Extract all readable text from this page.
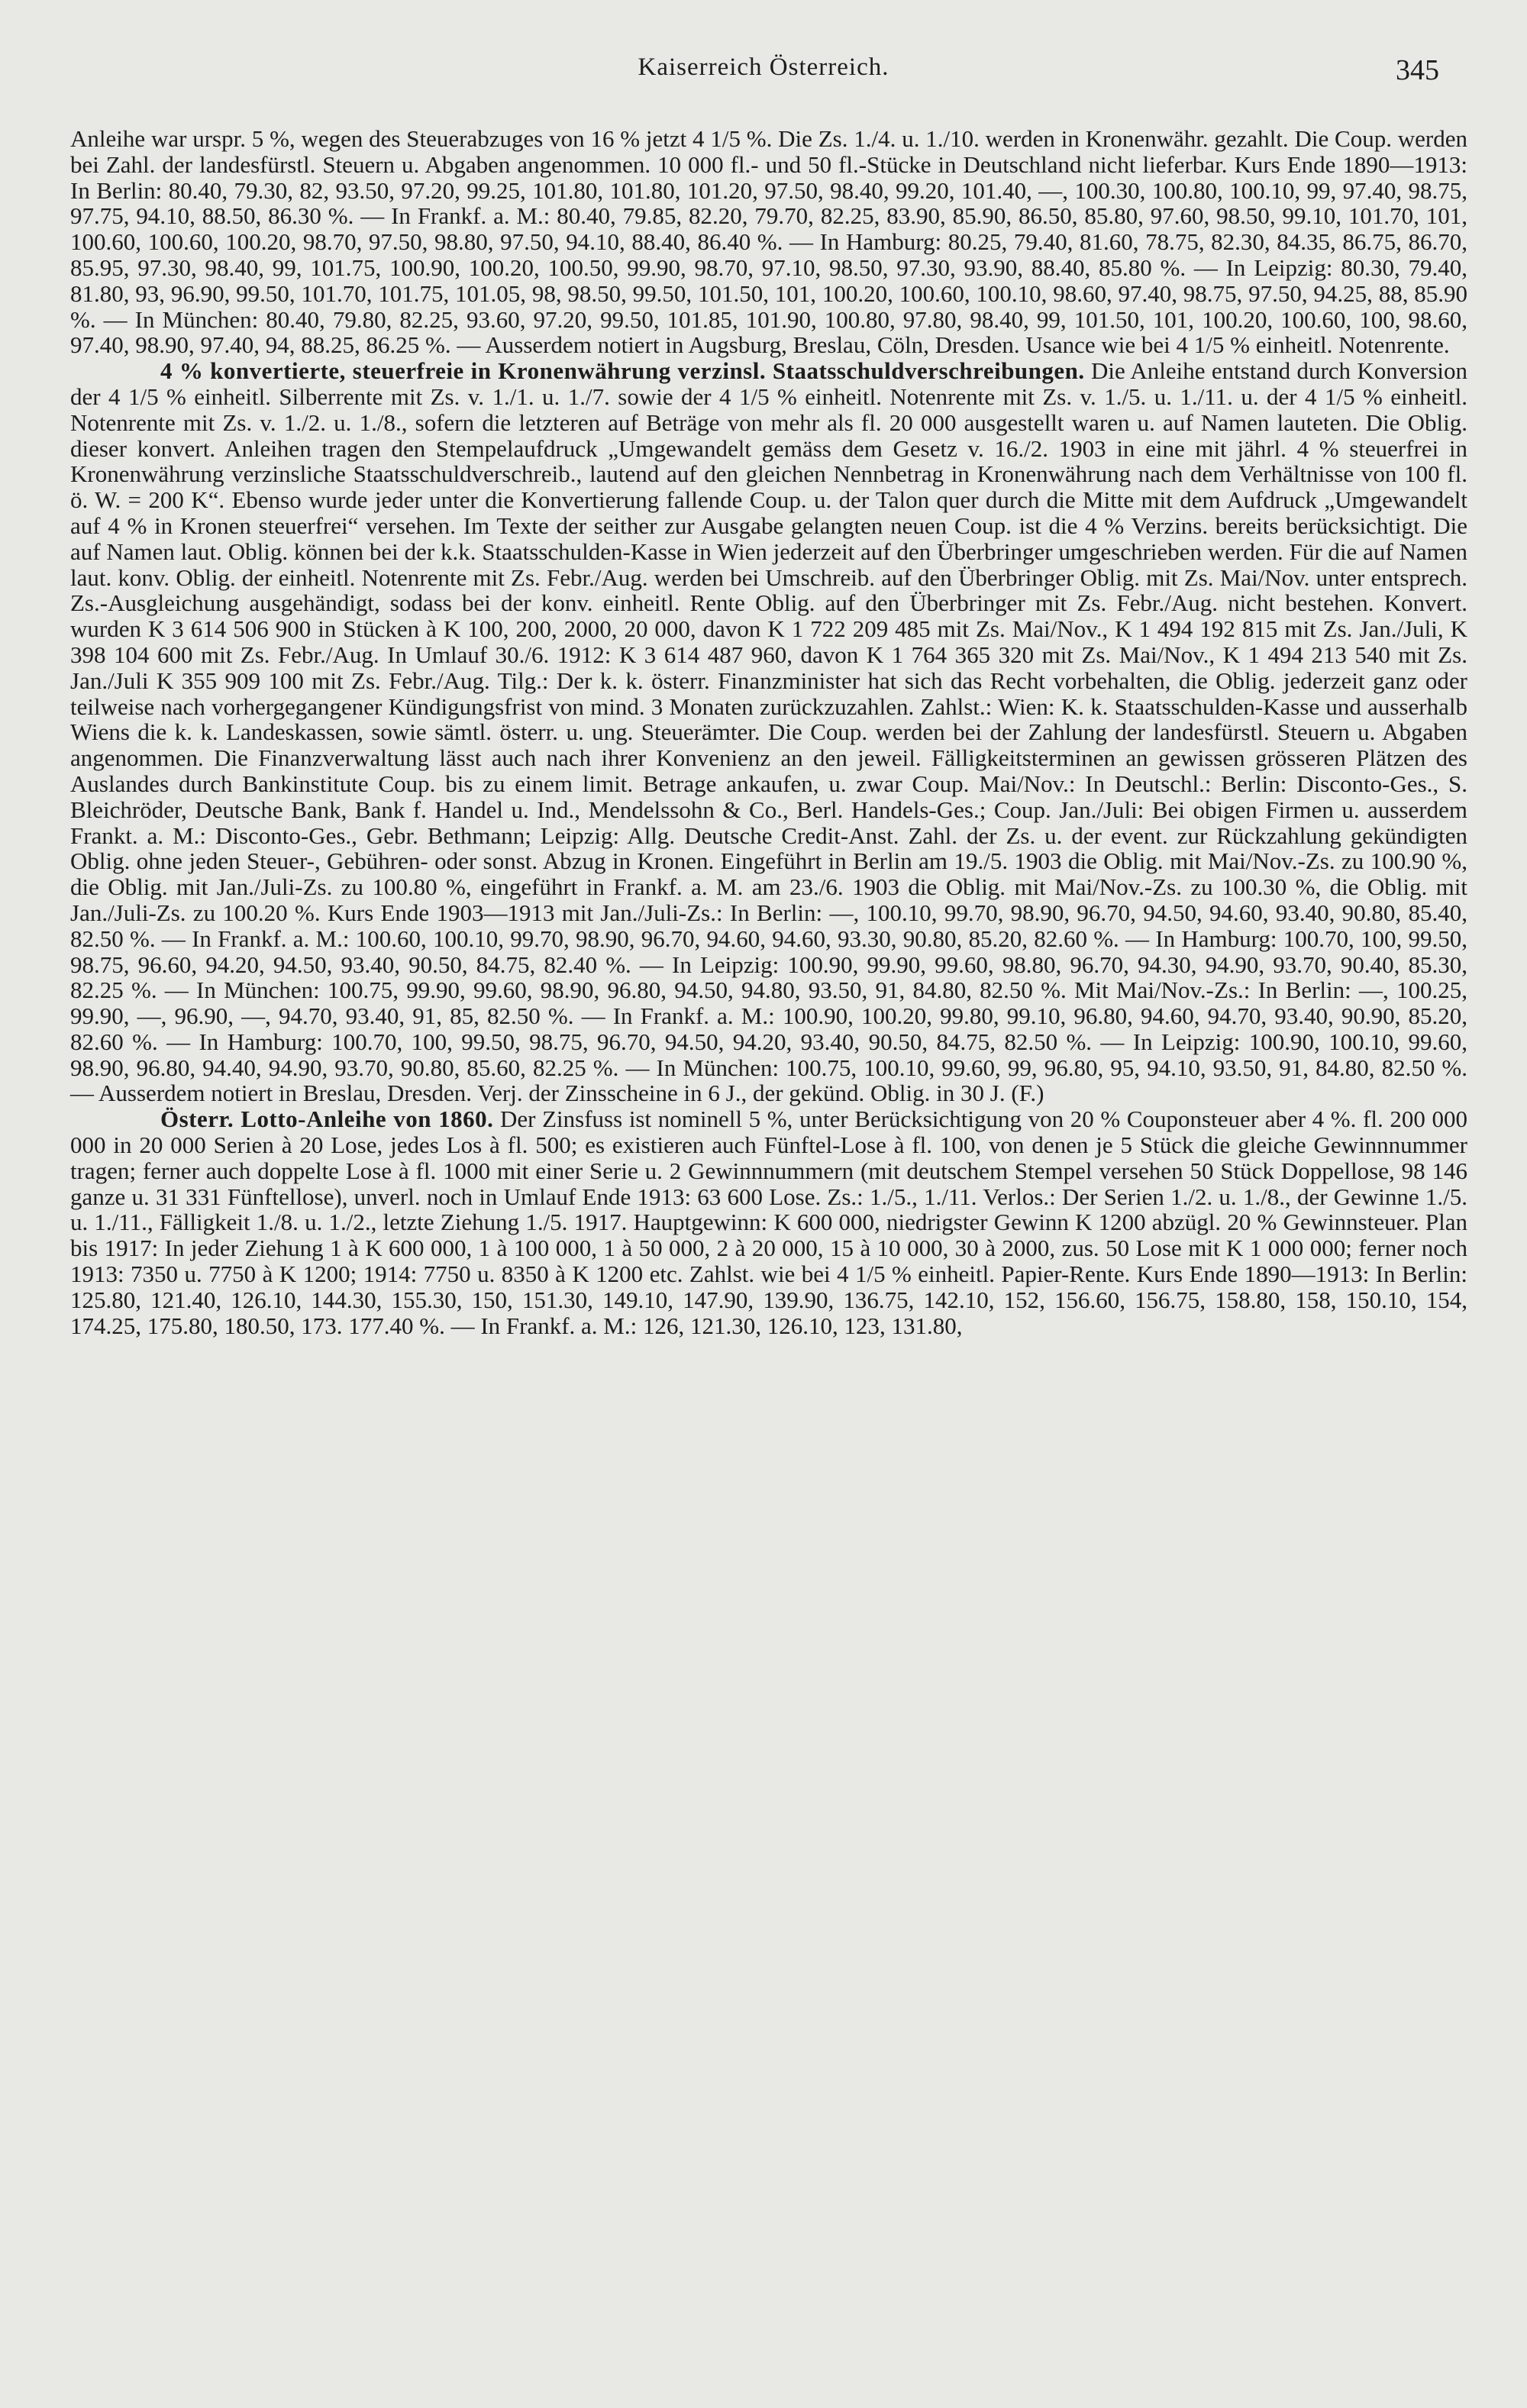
Kaiserreich Österreich.	345

Anleihe war urspr. 5 %, wegen des Steuerabzuges von 16 % jetzt 4 1/5 %. Die Zs. 1./4. u. 1./10. werden in Kronenwähr. gezahlt. Die Coup. werden bei Zahl. der landesfürstl. Steuern u. Abgaben angenommen. 10 000 fl.- und 50 fl.-Stücke in Deutschland nicht lieferbar. Kurs Ende 1890—1913: In Berlin: 80.40, 79.30, 82, 93.50, 97.20, 99.25, 101.80, 101.80, 101.20, 97.50, 98.40, 99.20, 101.40, —, 100.30, 100.80, 100.10, 99, 97.40, 98.75, 97.75, 94.10, 88.50, 86.30 %. — In Frankf. a. M.: 80.40, 79.85, 82.20, 79.70, 82.25, 83.90, 85.90, 86.50, 85.80, 97.60, 98.50, 99.10, 101.70, 101, 100.60, 100.60, 100.20, 98.70, 97.50, 98.80, 97.50, 94.10, 88.40, 86.40 %. — In Hamburg: 80.25, 79.40, 81.60, 78.75, 82.30, 84.35, 86.75, 86.70, 85.95, 97.30, 98.40, 99, 101.75, 100.90, 100.20, 100.50, 99.90, 98.70, 97.10, 98.50, 97.30, 93.90, 88.40, 85.80 %. — In Leipzig: 80.30, 79.40, 81.80, 93, 96.90, 99.50, 101.70, 101.75, 101.05, 98, 98.50, 99.50, 101.50, 101, 100.20, 100.60, 100.10, 98.60, 97.40, 98.75, 97.50, 94.25, 88, 85.90 %. — In München: 80.40, 79.80, 82.25, 93.60, 97.20, 99.50, 101.85, 101.90, 100.80, 97.80, 98.40, 99, 101.50, 101, 100.20, 100.60, 100, 98.60, 97.40, 98.90, 97.40, 94, 88.25, 86.25 %. — Ausserdem notiert in Augsburg, Breslau, Cöln, Dresden. Usance wie bei 4 1/5 % einheitl. Notenrente.

4 % konvertierte, steuerfreie in Kronenwährung verzinsl. Staatsschuldverschreibungen. Die Anleihe entstand durch Konversion der 4 1/5 % einheitl. Silberrente mit Zs. v. 1./1. u. 1./7. sowie der 4 1/5 % einheitl. Notenrente mit Zs. v. 1./5. u. 1./11. u. der 4 1/5 % einheitl. Notenrente mit Zs. v. 1./2. u. 1./8., sofern die letzteren auf Beträge von mehr als fl. 20 000 ausgestellt waren u. auf Namen lauteten. Die Oblig. dieser konvert. Anleihen tragen den Stempelaufdruck „Umgewandelt gemäss dem Gesetz v. 16./2. 1903 in eine mit jährl. 4 % steuerfrei in Kronenwährung verzinsliche Staatsschuldverschreib., lautend auf den gleichen Nennbetrag in Kronenwährung nach dem Verhältnisse von 100 fl. ö. W. = 200 K“. Ebenso wurde jeder unter die Konvertierung fallende Coup. u. der Talon quer durch die Mitte mit dem Aufdruck „Umgewandelt auf 4 % in Kronen steuerfrei“ versehen. Im Texte der seither zur Ausgabe gelangten neuen Coup. ist die 4 % Verzins. bereits berücksichtigt. Die auf Namen laut. Oblig. können bei der k.k. Staatsschulden-Kasse in Wien jederzeit auf den Überbringer umgeschrieben werden. Für die auf Namen laut. konv. Oblig. der einheitl. Notenrente mit Zs. Febr./Aug. werden bei Umschreib. auf den Überbringer Oblig. mit Zs. Mai/Nov. unter entsprech. Zs.-Ausgleichung ausgehändigt, sodass bei der konv. einheitl. Rente Oblig. auf den Überbringer mit Zs. Febr./Aug. nicht bestehen. Konvert. wurden K 3 614 506 900 in Stücken à K 100, 200, 2000, 20 000, davon K 1 722 209 485 mit Zs. Mai/Nov., K 1 494 192 815 mit Zs. Jan./Juli, K 398 104 600 mit Zs. Febr./Aug. In Umlauf 30./6. 1912: K 3 614 487 960, davon K 1 764 365 320 mit Zs. Mai/Nov., K 1 494 213 540 mit Zs. Jan./Juli K 355 909 100 mit Zs. Febr./Aug. Tilg.: Der k. k. österr. Finanzminister hat sich das Recht vorbehalten, die Oblig. jederzeit ganz oder teilweise nach vorhergegangener Kündigungsfrist von mind. 3 Monaten zurückzuzahlen. Zahlst.: Wien: K. k. Staatsschulden-Kasse und ausserhalb Wiens die k. k. Landeskassen, sowie sämtl. österr. u. ung. Steuerämter. Die Coup. werden bei der Zahlung der landesfürstl. Steuern u. Abgaben angenommen. Die Finanzverwaltung lässt auch nach ihrer Konvenienz an den jeweil. Fälligkeitsterminen an gewissen grösseren Plätzen des Auslandes durch Bankinstitute Coup. bis zu einem limit. Betrage ankaufen, u. zwar Coup. Mai/Nov.: In Deutschl.: Berlin: Disconto-Ges., S. Bleichröder, Deutsche Bank, Bank f. Handel u. Ind., Mendelssohn & Co., Berl. Handels-Ges.; Coup. Jan./Juli: Bei obigen Firmen u. ausserdem Frankt. a. M.: Disconto-Ges., Gebr. Bethmann; Leipzig: Allg. Deutsche Credit-Anst. Zahl. der Zs. u. der event. zur Rückzahlung gekündigten Oblig. ohne jeden Steuer-, Gebühren- oder sonst. Abzug in Kronen. Eingeführt in Berlin am 19./5. 1903 die Oblig. mit Mai/Nov.-Zs. zu 100.90 %, die Oblig. mit Jan./Juli-Zs. zu 100.80 %, eingeführt in Frankf. a. M. am 23./6. 1903 die Oblig. mit Mai/Nov.-Zs. zu 100.30 %, die Oblig. mit Jan./Juli-Zs. zu 100.20 %. Kurs Ende 1903—1913 mit Jan./Juli-Zs.: In Berlin: —, 100.10, 99.70, 98.90, 96.70, 94.50, 94.60, 93.40, 90.80, 85.40, 82.50 %. — In Frankf. a. M.: 100.60, 100.10, 99.70, 98.90, 96.70, 94.60, 94.60, 93.30, 90.80, 85.20, 82.60 %. — In Hamburg: 100.70, 100, 99.50, 98.75, 96.60, 94.20, 94.50, 93.40, 90.50, 84.75, 82.40 %. — In Leipzig: 100.90, 99.90, 99.60, 98.80, 96.70, 94.30, 94.90, 93.70, 90.40, 85.30, 82.25 %. — In München: 100.75, 99.90, 99.60, 98.90, 96.80, 94.50, 94.80, 93.50, 91, 84.80, 82.50 %. Mit Mai/Nov.-Zs.: In Berlin: —, 100.25, 99.90, —, 96.90, —, 94.70, 93.40, 91, 85, 82.50 %. — In Frankf. a. M.: 100.90, 100.20, 99.80, 99.10, 96.80, 94.60, 94.70, 93.40, 90.90, 85.20, 82.60 %. — In Hamburg: 100.70, 100, 99.50, 98.75, 96.70, 94.50, 94.20, 93.40, 90.50, 84.75, 82.50 %. — In Leipzig: 100.90, 100.10, 99.60, 98.90, 96.80, 94.40, 94.90, 93.70, 90.80, 85.60, 82.25 %. — In München: 100.75, 100.10, 99.60, 99, 96.80, 95, 94.10, 93.50, 91, 84.80, 82.50 %. — Ausserdem notiert in Breslau, Dresden. Verj. der Zinsscheine in 6 J., der gekünd. Oblig. in 30 J. (F.)

Österr. Lotto-Anleihe von 1860. Der Zinsfuss ist nominell 5 %, unter Berücksichtigung von 20 % Couponsteuer aber 4 %. fl. 200 000 000 in 20 000 Serien à 20 Lose, jedes Los à fl. 500; es existieren auch Fünftel-Lose à fl. 100, von denen je 5 Stück die gleiche Gewinnnummer tragen; ferner auch doppelte Lose à fl. 1000 mit einer Serie u. 2 Gewinnnummern (mit deutschem Stempel versehen 50 Stück Doppellose, 98 146 ganze u. 31 331 Fünftellose), unverl. noch in Umlauf Ende 1913: 63 600 Lose. Zs.: 1./5., 1./11. Verlos.: Der Serien 1./2. u. 1./8., der Gewinne 1./5. u. 1./11., Fälligkeit 1./8. u. 1./2., letzte Ziehung 1./5. 1917. Hauptgewinn: K 600 000, niedrigster Gewinn K 1200 abzügl. 20 % Gewinnsteuer. Plan bis 1917: In jeder Ziehung 1 à K 600 000, 1 à 100 000, 1 à 50 000, 2 à 20 000, 15 à 10 000, 30 à 2000, zus. 50 Lose mit K 1 000 000; ferner noch 1913: 7350 u. 7750 à K 1200; 1914: 7750 u. 8350 à K 1200 etc. Zahlst. wie bei 4 1/5 % einheitl. Papier-Rente. Kurs Ende 1890—1913: In Berlin: 125.80, 121.40, 126.10, 144.30, 155.30, 150, 151.30, 149.10, 147.90, 139.90, 136.75, 142.10, 152, 156.60, 156.75, 158.80, 158, 150.10, 154, 174.25, 175.80, 180.50, 173. 177.40 %. — In Frankf. a. M.: 126, 121.30, 126.10, 123, 131.80,
